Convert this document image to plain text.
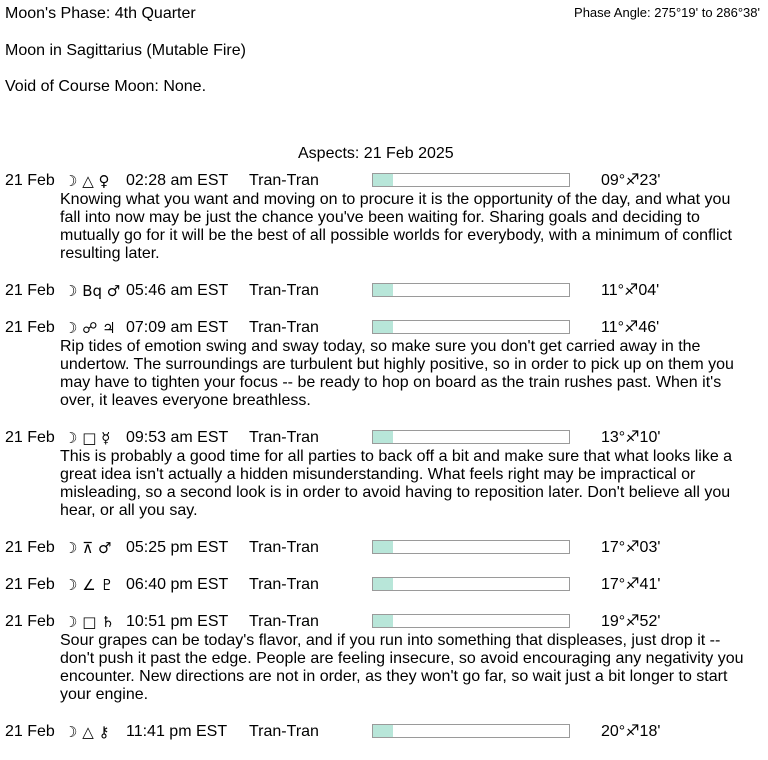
Moon's Phase: 4th Quarter	Phase Angle: 275°19' to 286°38'
Moon in Sagittarius (Mutable Fire)
Void of Course Moon: None.
Aspects: 21 Feb 2025
21 Feb ☽ △ ♀ 02:28 am EST Tran-Tran	09°♐23'
Knowing what you want and moving on to procure it is the opportunity of the day, and what you fall into now may be just the chance you've been waiting for. Sharing goals and deciding to mutually go for it will be the best of all possible worlds for everybody, with a minimum of conflict resulting later.
21 Feb ☽ Bq ♂ 05:46 am EST Tran-Tran	11°♐04'
21 Feb ☽ ☍ ♃ 07:09 am EST Tran-Tran	11°♐46'
Rip tides of emotion swing and sway today, so make sure you don't get carried away in the undertow. The surroundings are turbulent but highly positive, so in order to pick up on them you may have to tighten your focus -- be ready to hop on board as the train rushes past. When it's over, it leaves everyone breathless.
21 Feb ☽ □ ☿ 09:53 am EST Tran-Tran	13°♐10'
This is probably a good time for all parties to back off a bit and make sure that what looks like a great idea isn't actually a hidden misunderstanding. What feels right may be impractical or misleading, so a second look is in order to avoid having to reposition later. Don't believe all you hear, or all you say.
21 Feb ☽ ⊼ ♂ 05:25 pm EST Tran-Tran	17°♐03'
21 Feb ☽ ∠ ♇ 06:40 pm EST Tran-Tran	17°♐41'
21 Feb ☽ □ ♄ 10:51 pm EST Tran-Tran	19°♐52'
Sour grapes can be today's flavor, and if you run into something that displeases, just drop it -- don't push it past the edge. People are feeling insecure, so avoid encouraging any negativity you encounter. New directions are not in order, as they won't go far, so wait just a bit longer to start your engine.
21 Feb ☽ △ ⚷ 11:41 pm EST Tran-Tran	20°♐18'
